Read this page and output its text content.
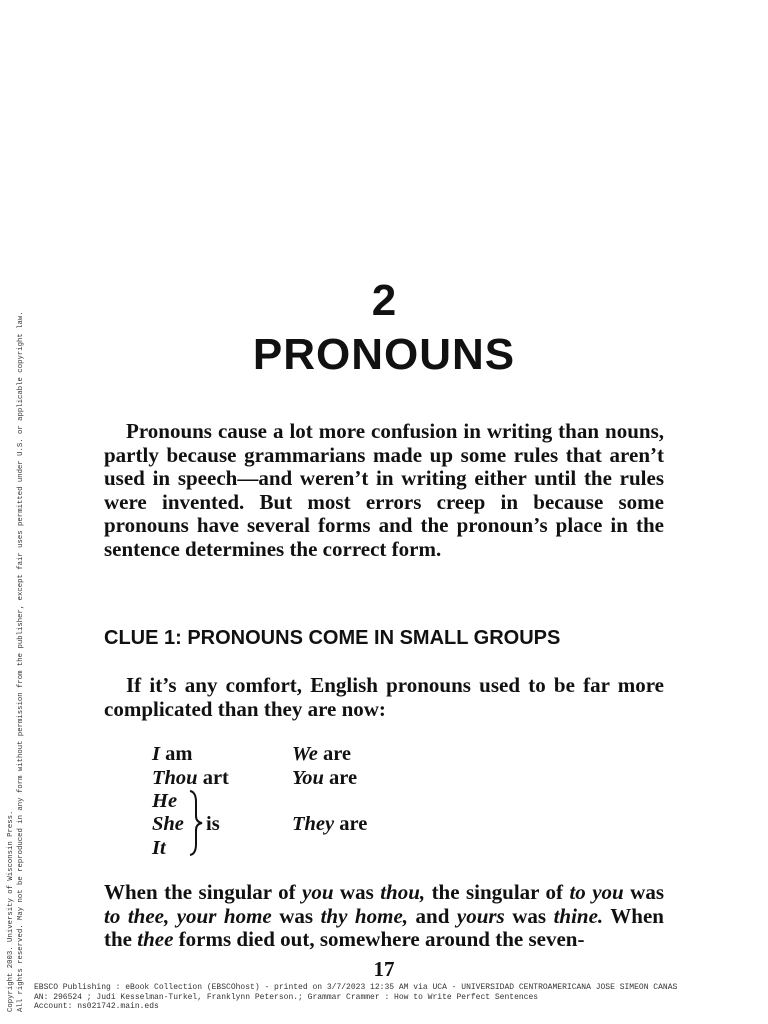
Copyright 2003. University of Wisconsin Press. All rights reserved. May not be reproduced in any form without permission from the publisher, except fair uses permitted under U.S. or applicable copyright law.
2
PRONOUNS
Pronouns cause a lot more confusion in writing than nouns, partly because grammarians made up some rules that aren’t used in speech—and weren’t in writing either until the rules were invented. But most errors creep in because some pronouns have several forms and the pronoun’s place in the sentence determines the correct form.
CLUE 1: PRONOUNS COME IN SMALL GROUPS
If it’s any comfort, English pronouns used to be far more complicated than they are now:
I am
Thou art
He
She
It
is
We are
You are
They are
When the singular of you was thou, the singular of to you was to thee, your home was thy home, and yours was thine. When the thee forms died out, somewhere around the seven-
17
EBSCO Publishing : eBook Collection (EBSCOhost) - printed on 3/7/2023 12:35 AM via UCA - UNIVERSIDAD CENTROAMERICANA JOSE SIMEON CANAS
AN: 296524 ; Judi Kesselman-Turkel, Franklynn Peterson.; Grammar Crammer : How to Write Perfect Sentences
Account: ns021742.main.eds
